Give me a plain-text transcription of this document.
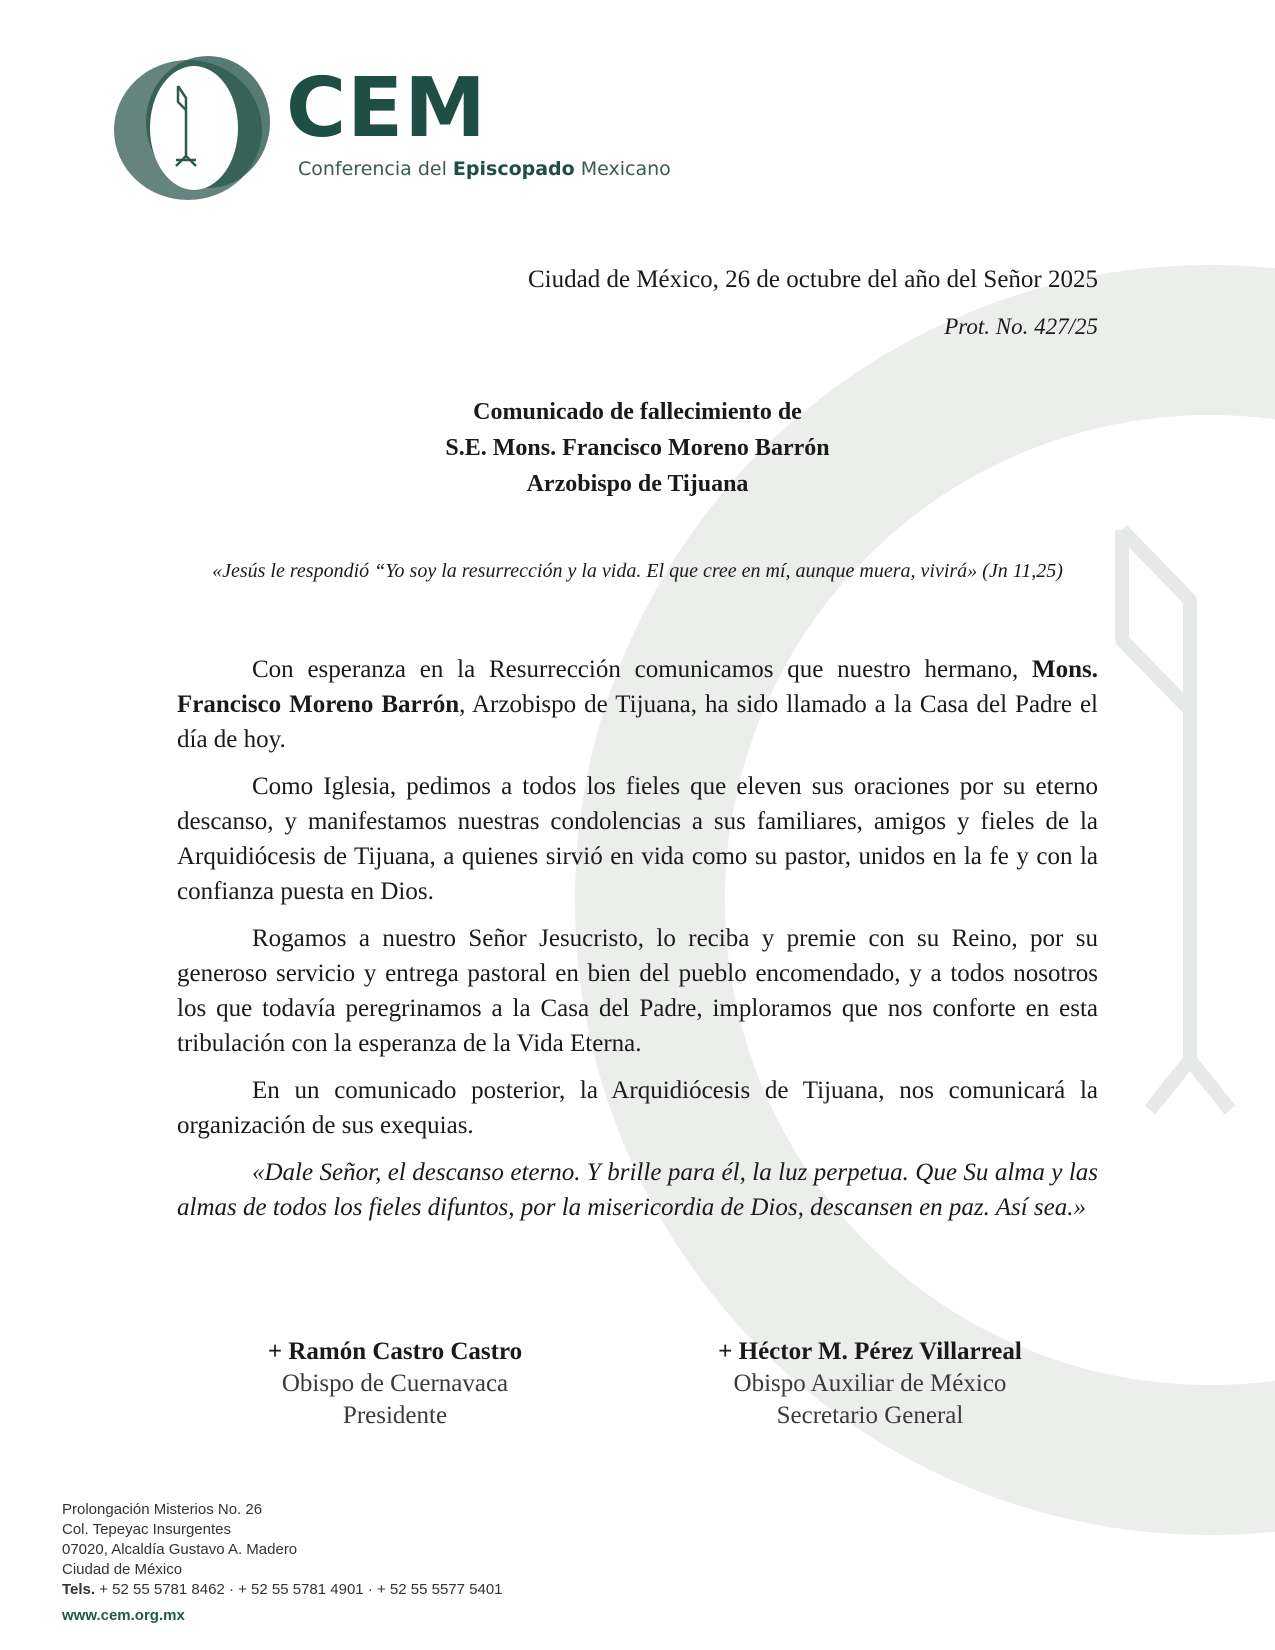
CEM
Conferencia del Episcopado Mexicano
Ciudad de México, 26 de octubre del año del Señor 2025
Prot. No. 427/25
Comunicado de fallecimiento de
S.E. Mons. Francisco Moreno Barrón
Arzobispo de Tijuana
«Jesús le respondió “Yo soy la resurrección y la vida. El que cree en mí, aunque muera, vivirá» (Jn 11,25)

Con esperanza en la Resurrección comunicamos que nuestro hermano, Mons. Francisco Moreno Barrón, Arzobispo de Tijuana, ha sido llamado a la Casa del Padre el día de hoy.

Como Iglesia, pedimos a todos los fieles que eleven sus oraciones por su eterno descanso, y manifestamos nuestras condolencias a sus familiares, amigos y fieles de la Arquidiócesis de Tijuana, a quienes sirvió en vida como su pastor, unidos en la fe y con la confianza puesta en Dios.

Rogamos a nuestro Señor Jesucristo, lo reciba y premie con su Reino, por su generoso servicio y entrega pastoral en bien del pueblo encomendado, y a todos nosotros los que todavía peregrinamos a la Casa del Padre, imploramos que nos conforte en esta tribulación con la esperanza de la Vida Eterna.

En un comunicado posterior, la Arquidiócesis de Tijuana, nos comunicará la organización de sus exequias.

«Dale Señor, el descanso eterno. Y brille para él, la luz perpetua. Que Su alma y las almas de todos los fieles difuntos, por la misericordia de Dios, descansen en paz. Así sea.»

+ Ramón Castro Castro
Obispo de Cuernavaca
Presidente
+ Héctor M. Pérez Villarreal
Obispo Auxiliar de México
Secretario General
Prolongación Misterios No. 26
Col. Tepeyac Insurgentes
07020, Alcaldía Gustavo A. Madero
Ciudad de México
Tels. + 52 55 5781 8462 · + 52 55 5781 4901 · + 52 55 5577 5401
www.cem.org.mx
